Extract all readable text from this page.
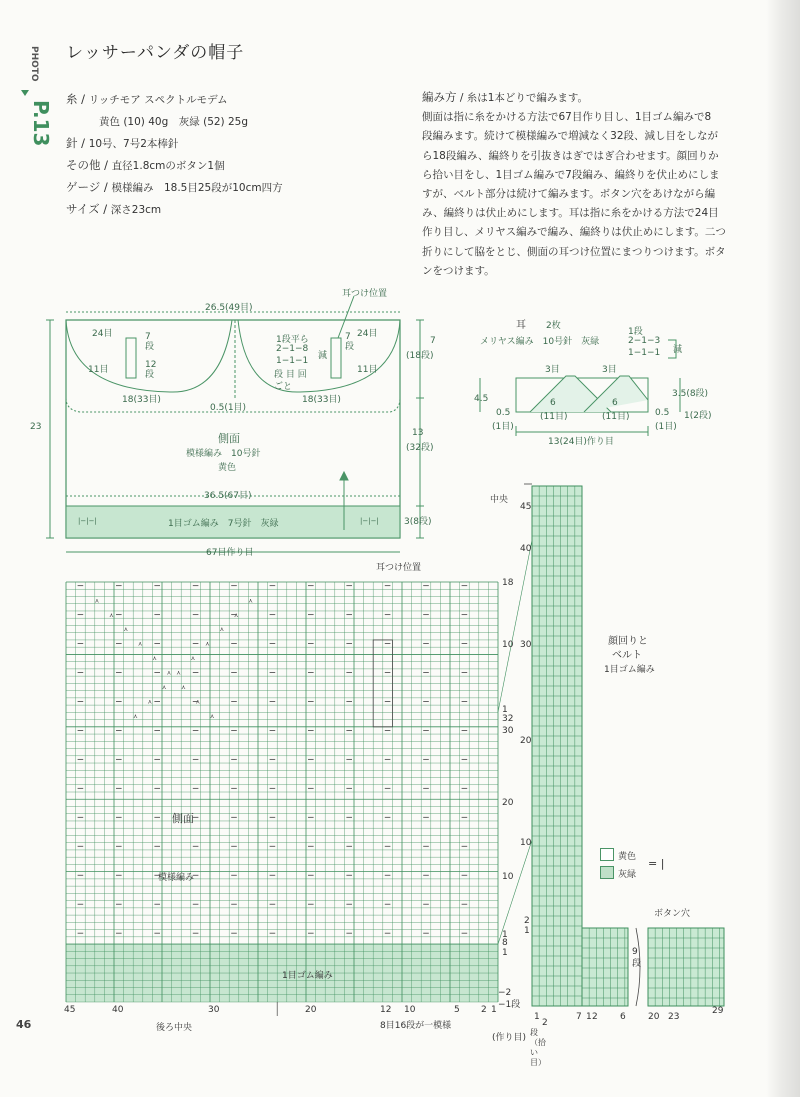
PHOTO
P.13
レッサーパンダの帽子
糸 / リッチモア スペクトルモデム
黄色 (10) 40g　灰緑 (52) 25g
針 / 10号、7号2本棒針
その他 / 直径1.8cmのボタン1個
ゲージ / 模様編み　18.5目25段が10cm四方
サイズ / 深さ23cm
編み方 / 糸は1本どりで編みます。
側面は指に糸をかける方法で67目作り目し、1目ゴム編みで8
段編みます。続けて模様編みで増減なく32段、減し目をしなが
ら18段編み、編終りを引抜きはぎではぎ合わせます。顔回りか
ら拾い目をし、1目ゴム編みで7段編み、編終りを伏止めにしま
すが、ベルト部分は続けて編みます。ボタン穴をあけながら編
み、編終りは伏止めにします。耳は指に糸をかける方法で24目
作り目し、メリヤス編みで編み、編終りは伏止めにします。二つ
折りにして脇をとじ、側面の耳つけ位置にまつりつけます。ボタ
ンをつけます。
26.5(49目)
耳つけ位置
24目	24目
11目	11目
7段
12段
7段
1段平ら
2−1−8
1−1−1
段 目 回
ごと
減
7
(18段)
18(33目)	18(33目)
0.5(1目)
23
13
(32段)
側面
模様編み　10号針
黄色
36.5(67目)
1目ゴム編み　7号針　灰緑
|−|−|	|−|−|	3(8段)
67目作り目
耳 2枚
メリヤス編み　10号針　灰緑
1段
2−1−3
1−1−1 減
3目	3目
6
(11目)
6
(11目)
4.5	3.5(8段)
1(2段)
0.5
(1目)
0.5
(1目)
13(24目)作り目
⋏	⋏
⋏	⋏
⋏	⋏
⋏	⋏
⋏	⋏
⋏ ⋏
⋏
⋏
⋏
⋏
⋏
⋏
耳つけ位置
側面
模様編み
1目ゴム編み
後ろ中央	8目16段が一模様
45	40	30	20	12 10	5 2 1
18
10
1
32
30
20
10
1
8
1
−2
−1段
(作り目)
中央
顔回りと
ベルト
1目ゴム編み
45
40
30
20
10
2
1
9段
1
2
7 1 2 6
段（拾い目）
ボタン穴
20 23
29
黄色
灰緑
= |
46
